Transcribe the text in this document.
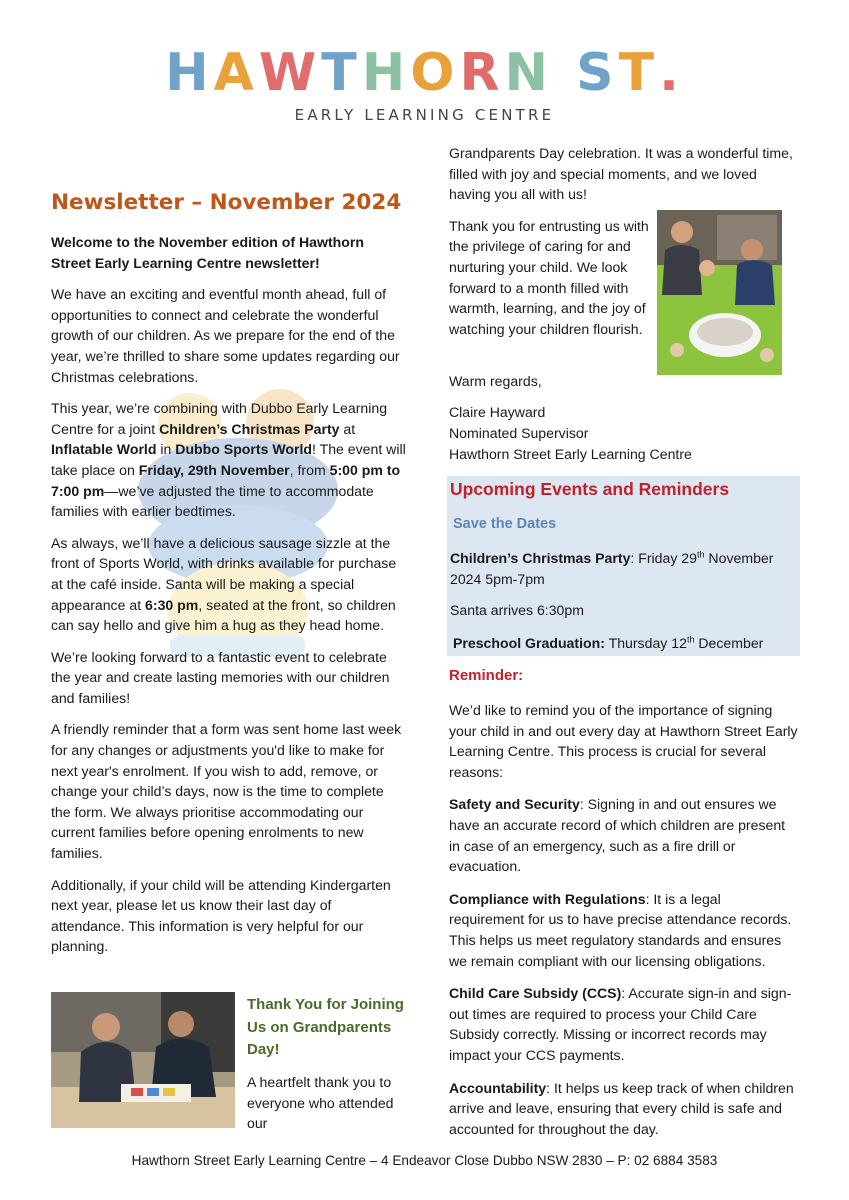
HAWTHORN ST.
EARLY LEARNING CENTRE
Newsletter – November 2024

Welcome to the November edition of Hawthorn Street Early Learning Centre newsletter!

We have an exciting and eventful month ahead, full of opportunities to connect and celebrate the wonderful growth of our children. As we prepare for the end of the year, we’re thrilled to share some updates regarding our Christmas celebrations.

This year, we’re combining with Dubbo Early Learning Centre for a joint Children’s Christmas Party at Inflatable World in Dubbo Sports World! The event will take place on Friday, 29th November, from 5:00 pm to 7:00 pm—we’ve adjusted the time to accommodate families with earlier bedtimes.

As always, we’ll have a delicious sausage sizzle at the front of Sports World, with drinks available for purchase at the café inside. Santa will be making a special appearance at 6:30 pm, seated at the front, so children can say hello and give him a hug as they head home.

We’re looking forward to a fantastic event to celebrate the year and create lasting memories with our children and families!

A friendly reminder that a form was sent home last week for any changes or adjustments you'd like to make for next year's enrolment. If you wish to add, remove, or change your child’s days, now is the time to complete the form. We always prioritise accommodating our current families before opening enrolments to new families.

Additionally, if your child will be attending Kindergarten next year, please let us know their last day of attendance. This information is very helpful for our planning.

Thank You for Joining Us on Grandparents Day!
A heartfelt thank you to everyone who attended our

Grandparents Day celebration. It was a wonderful time, filled with joy and special moments, and we loved having you all with us!

Thank you for entrusting us with the privilege of caring for and nurturing your child. We look forward to a month filled with warmth, learning, and the joy of watching your children flourish.

Warm regards,

Claire Hayward

Nominated Supervisor

Hawthorn Street Early Learning Centre

Upcoming Events and Reminders
Save the Dates
Children’s Christmas Party: Friday 29th November 2024 5pm-7pm
Santa arrives 6:30pm
Preschool Graduation: Thursday 12th December
Reminder:

We’d like to remind you of the importance of signing your child in and out every day at Hawthorn Street Early Learning Centre. This process is crucial for several reasons:

Safety and Security: Signing in and out ensures we have an accurate record of which children are present in case of an emergency, such as a fire drill or evacuation.

Compliance with Regulations: It is a legal requirement for us to have precise attendance records. This helps us meet regulatory standards and ensures we remain compliant with our licensing obligations.

Child Care Subsidy (CCS): Accurate sign-in and sign-out times are required to process your Child Care Subsidy correctly. Missing or incorrect records may impact your CCS payments.

Accountability: It helps us keep track of when children arrive and leave, ensuring that every child is safe and accounted for throughout the day.

Hawthorn Street Early Learning Centre – 4 Endeavor Close Dubbo NSW 2830 – P: 02 6884 3583
